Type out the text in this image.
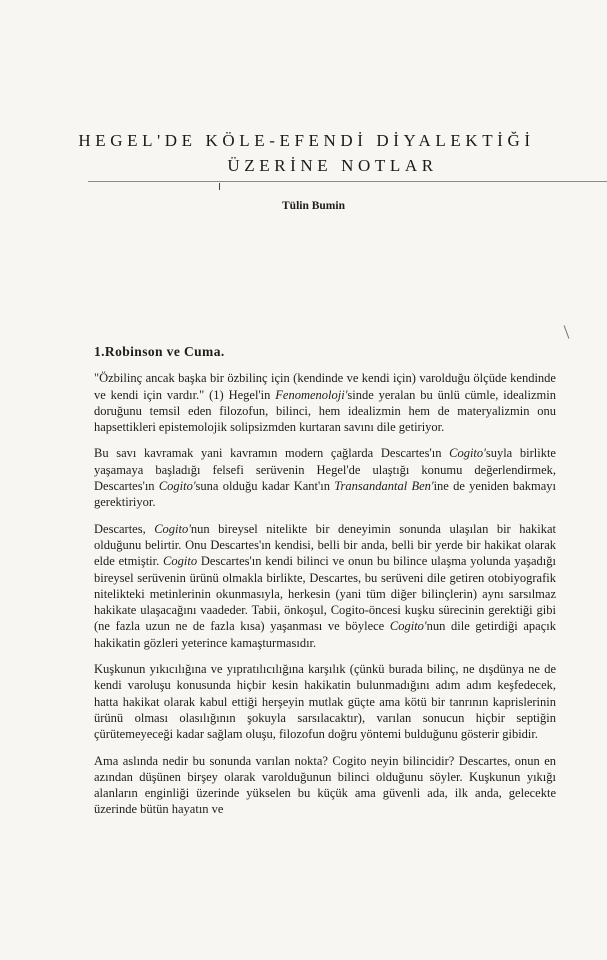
HEGEL'DE KÖLE-EFENDİ DİYALEKTİĞİ
ÜZERİNE NOTLAR
Tülin Bumin

1.Robinson ve Cuma.

"Özbilinç ancak başka bir özbilinç için (kendinde ve kendi için) varolduğu ölçüde kendinde ve kendi için vardır." (1) Hegel'in Fenomenoloji'sinde yeralan bu ünlü cümle, idealizmin doruğunu temsil eden filozofun, bilinci, hem idealizmin hem de materyalizmin onu hapsettikleri epistemolojik solipsizmden kurtaran savını dile getiriyor.

Bu savı kavramak yani kavramın modern çağlarda Descartes'ın Cogito'suyla birlikte yaşamaya başladığı felsefi serüvenin Hegel'de ulaştığı konumu değerlendirmek, Descartes'ın Cogito'suna olduğu kadar Kant'ın Transandantal Ben'ine de yeniden bakmayı gerektiriyor.

Descartes, Cogito'nun bireysel nitelikte bir deneyimin sonunda ulaşılan bir hakikat olduğunu belirtir. Onu Descartes'ın kendisi, belli bir anda, belli bir yerde bir hakikat olarak elde etmiştir. Cogito Descartes'ın kendi bilinci ve onun bu bilince ulaşma yolunda yaşadığı bireysel serüvenin ürünü olmakla birlikte, Descartes, bu serüveni dile getiren otobiyografik nitelikteki metinlerinin okunmasıyla, herkesin (yani tüm diğer bilinçlerin) aynı sarsılmaz hakikate ulaşacağını vaadeder. Tabii, önkoşul, Cogito-öncesi kuşku sürecinin gerektiği gibi (ne fazla uzun ne de fazla kısa) yaşanması ve böylece Cogito'nun dile getirdiği apaçık hakikatin gözleri yeterince kamaşturmasıdır.

Kuşkunun yıkıcılığına ve yıpratılıcılığına karşılık (çünkü burada bilinç, ne dışdünya ne de kendi varoluşu konusunda hiçbir kesin hakikatin bulunmadığını adım adım keşfedecek, hatta hakikat olarak kabul ettiği herşeyin mutlak güçte ama kötü bir tanrının kaprislerinin ürünü olması olasılığının şokuyla sarsılacaktır), varılan sonucun hiçbir septiğin çürütemeyeceği kadar sağlam oluşu, filozofun doğru yöntemi bulduğunu gösterir gibidir.

Ama aslında nedir bu sonunda varılan nokta? Cogito neyin bilincidir? Descartes, onun en azından düşünen birşey olarak varolduğunun bilinci olduğunu söyler. Kuşkunun yıkığı alanların enginliği üzerinde yükselen bu küçük ama güvenli ada, ilk anda, gelecekte üzerinde bütün hayatın ve
